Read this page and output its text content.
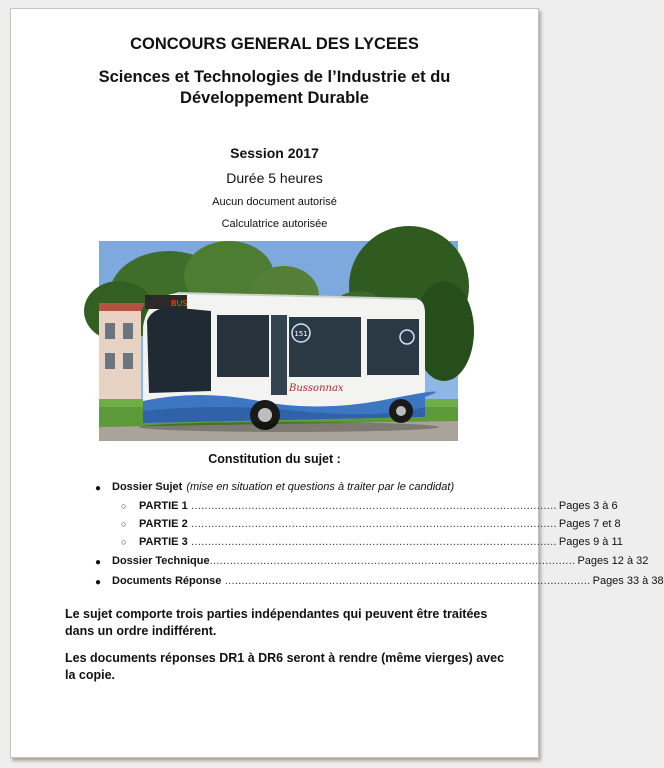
CONCOURS GENERAL DES LYCEES
Sciences et Technologies de l’Industrie et du
Développement Durable
Session 2017
Durée 5 heures
Aucun document autorisé
Calculatrice autorisée
BUS
151
Bussonnax
Constitution du sujet :
● Dossier Sujet (mise en situation et questions à traiter par le candidat)
○ PARTIE 1 ............................................................................................................. Pages 3 à 6
○ PARTIE 2 ............................................................................................................. Pages 7 et 8
○ PARTIE 3 ............................................................................................................. Pages 9 à 11
● Dossier Technique ............................................................................................................. Pages 12 à 32
● Documents Réponse ............................................................................................................. Pages 33 à 38
Le sujet comporte trois parties indépendantes qui peuvent être traitées dans un ordre indifférent.
Les documents réponses DR1 à DR6 seront à rendre (même vierges) avec la copie.
